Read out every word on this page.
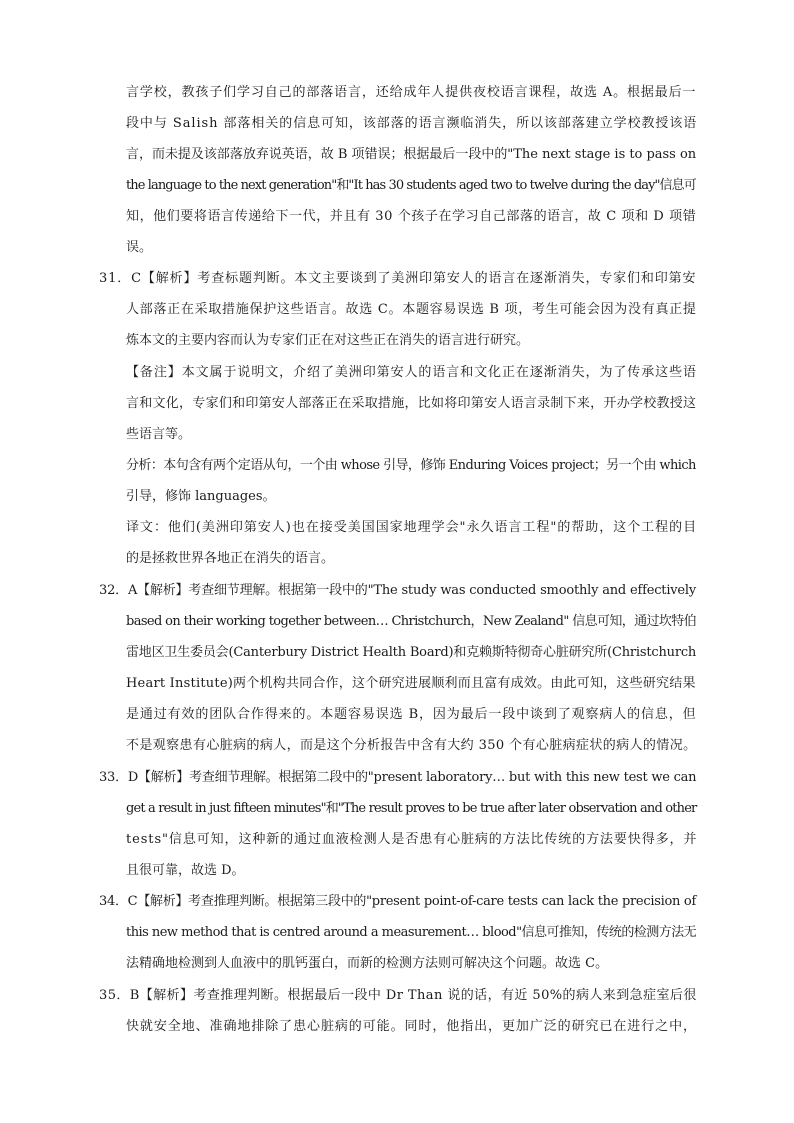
言学校，教孩子们学习自己的部落语言，还给成年人提供夜校语言课程，故选 A。根据最后一
段中与 Salish 部落相关的信息可知，该部落的语言濒临消失，所以该部落建立学校教授该语
言，而未提及该部落放弃说英语，故 B 项错误；根据最后一段中的"The next stage is to pass on
the language to the next generation"和"It has 30 students aged two to twelve during the day"信息可
知，他们要将语言传递给下一代，并且有 30 个孩子在学习自己部落的语言，故 C 项和 D 项错
误。
31．C【解析】考查标题判断。本文主要谈到了美洲印第安人的语言在逐渐消失，专家们和印第安
人部落正在采取措施保护这些语言。故选 C。本题容易误选 B 项，考生可能会因为没有真正提
炼本文的主要内容而认为专家们正在对这些正在消失的语言进行研究。
【备注】本文属于说明文，介绍了美洲印第安人的语言和文化正在逐渐消失，为了传承这些语
言和文化，专家们和印第安人部落正在采取措施，比如将印第安人语言录制下来，开办学校教授这
些语言等。
分析：本句含有两个定语从句，一个由 whose 引导，修饰 Enduring Voices project；另一个由 which
引导，修饰 languages。
译文：他们(美洲印第安人)也在接受美国国家地理学会"永久语言工程"的帮助，这个工程的目
的是拯救世界各地正在消失的语言。
32．A【解析】考查细节理解。根据第一段中的"The study was conducted smoothly and effectively
based on their working together between… Christchurch，New Zealand" 信息可知，通过坎特伯
雷地区卫生委员会(Canterbury District Health Board)和克赖斯特彻奇心脏研究所(Christchurch
Heart Institute)两个机构共同合作，这个研究进展顺利而且富有成效。由此可知，这些研究结果
是通过有效的团队合作得来的。本题容易误选 B，因为最后一段中谈到了观察病人的信息，但
不是观察患有心脏病的病人，而是这个分析报告中含有大约 350 个有心脏病症状的病人的情况。
33．D【解析】考查细节理解。根据第二段中的"present laboratory… but with this new test we can
get a result in just fifteen minutes"和"The result proves to be true after later observation and other
tests"信息可知，这种新的通过血液检测人是否患有心脏病的方法比传统的方法要快得多，并
且很可靠，故选 D。
34．C【解析】考查推理判断。根据第三段中的"present point-of-care tests can lack the precision of
this new method that is centred around a measurement… blood"信息可推知，传统的检测方法无
法精确地检测到人血液中的肌钙蛋白，而新的检测方法则可解决这个问题。故选 C。
35．B【解析】考查推理判断。根据最后一段中 Dr Than 说的话，有近 50%的病人来到急症室后很
快就安全地、准确地排除了患心脏病的可能。同时，他指出，更加广泛的研究已在进行之中，
